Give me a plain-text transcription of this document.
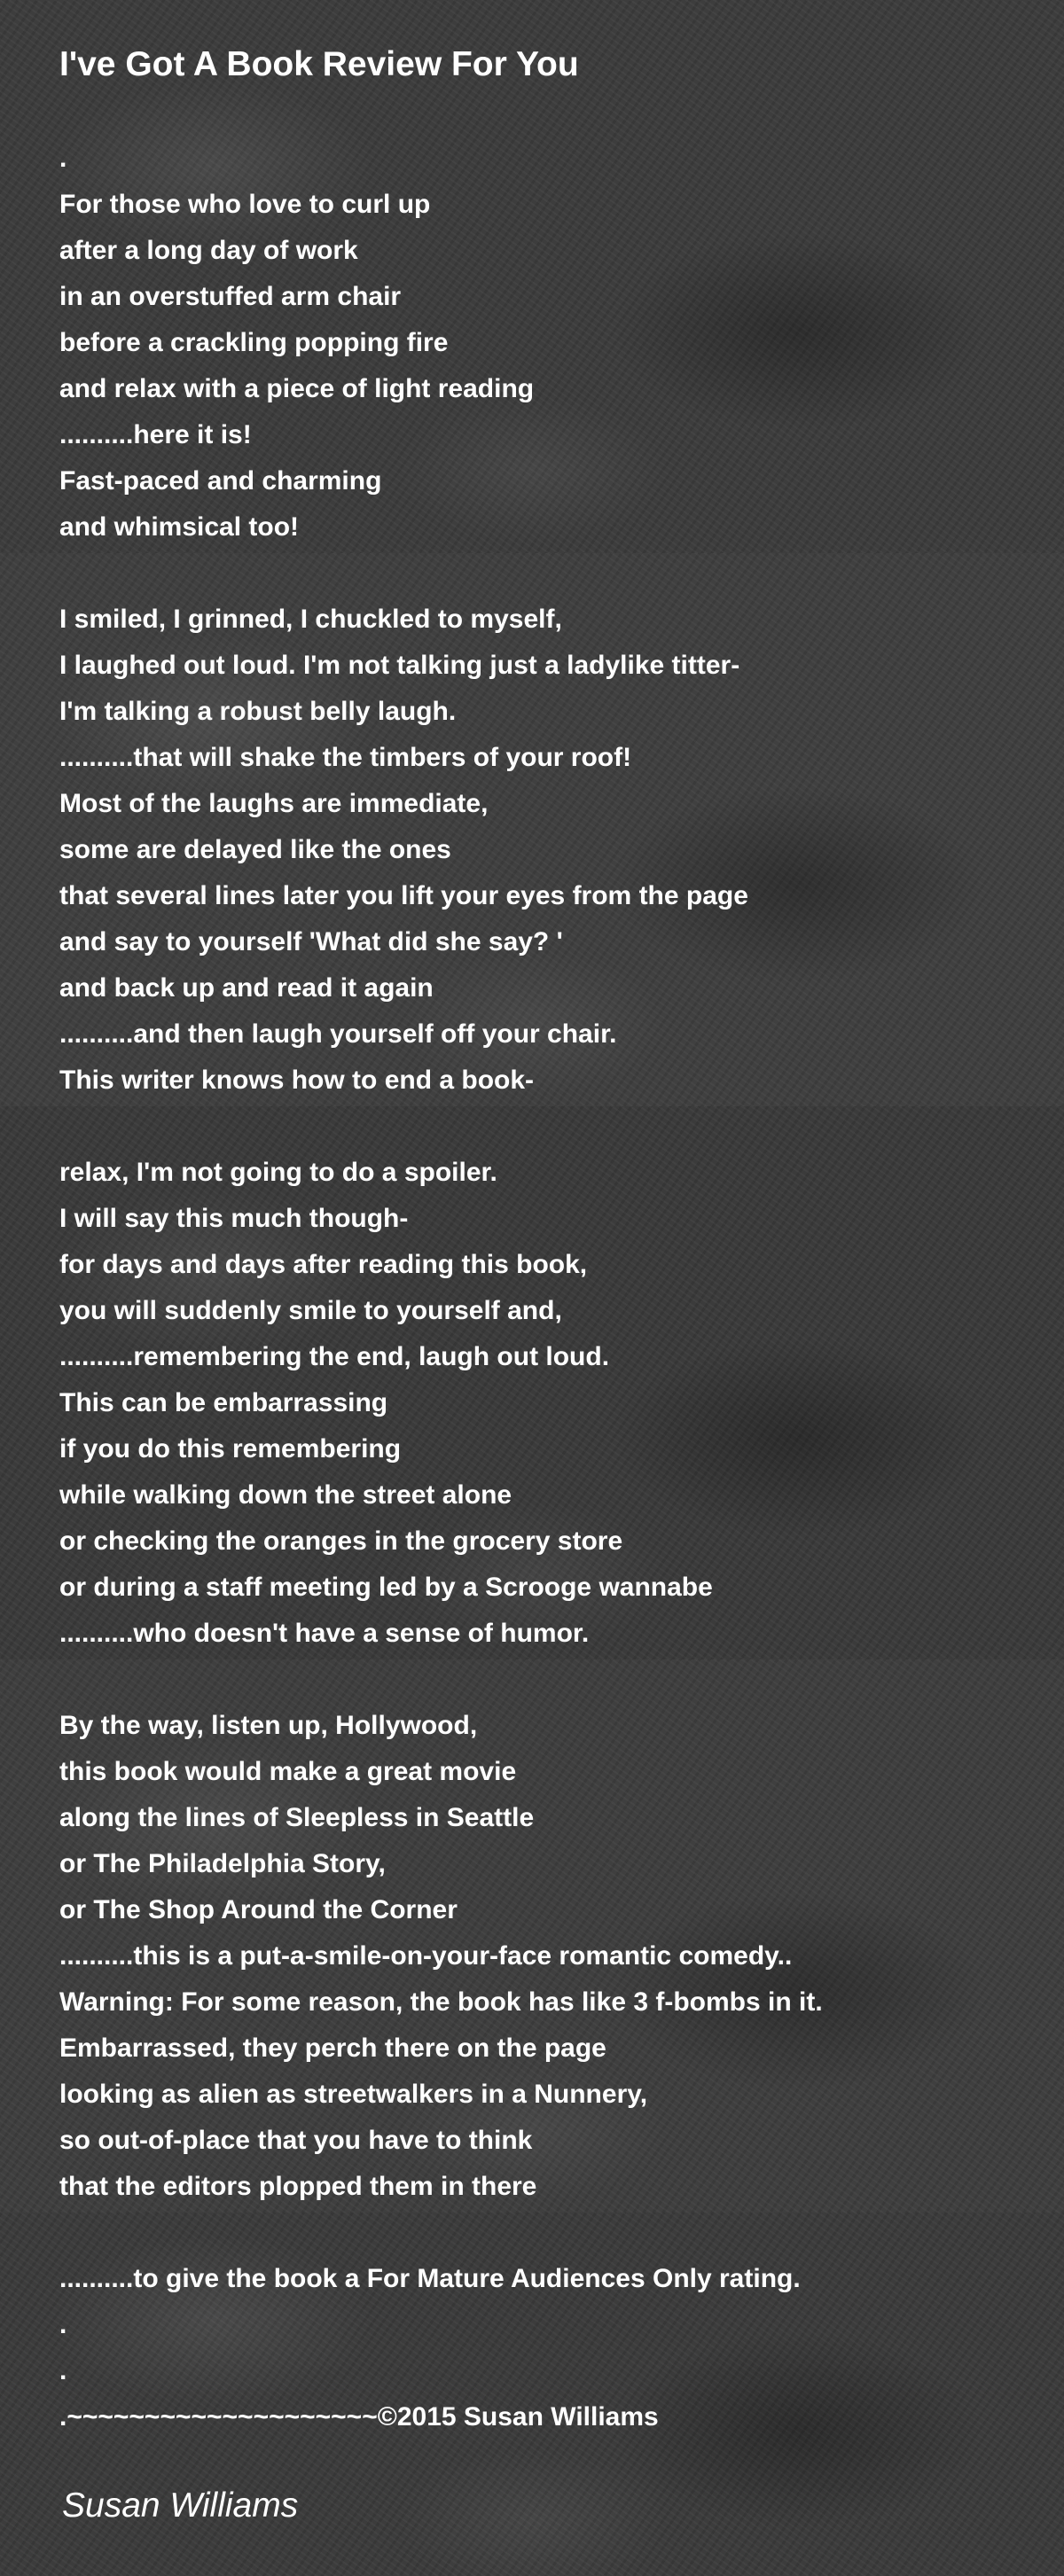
I've Got A Book Review For You
.
For those who love to curl up
after a long day of work
in an overstuffed arm chair
before a crackling popping fire
and relax with a piece of light reading
..........here it is!
Fast-paced and charming
and whimsical too!
I smiled, I grinned, I chuckled to myself,
I laughed out loud. I'm not talking just a ladylike titter-
I'm talking a robust belly laugh.
..........that will shake the timbers of your roof!
Most of the laughs are immediate,
some are delayed like the ones
that several lines later you lift your eyes from the page
and say to yourself 'What did she say? '
and back up and read it again
..........and then laugh yourself off your chair.
This writer knows how to end a book-
relax, I'm not going to do a spoiler.
I will say this much though-
for days and days after reading this book,
you will suddenly smile to yourself and,
..........remembering the end, laugh out loud.
This can be embarrassing
if you do this remembering
while walking down the street alone
or checking the oranges in the grocery store
or during a staff meeting led by a Scrooge wannabe
..........who doesn't have a sense of humor.
By the way, listen up, Hollywood,
this book would make a great movie
along the lines of Sleepless in Seattle
or The Philadelphia Story,
or The Shop Around the Corner
..........this is a put-a-smile-on-your-face romantic comedy..
Warning: For some reason, the book has like 3 f-bombs in it.
Embarrassed, they perch there on the page
looking as alien as streetwalkers in a Nunnery,
so out-of-place that you have to think
that the editors plopped them in there
..........to give the book a For Mature Audiences Only rating.
.
.
.~~~~~~~~~~~~~~~~~~~~©2015 Susan Williams
Susan Williams
